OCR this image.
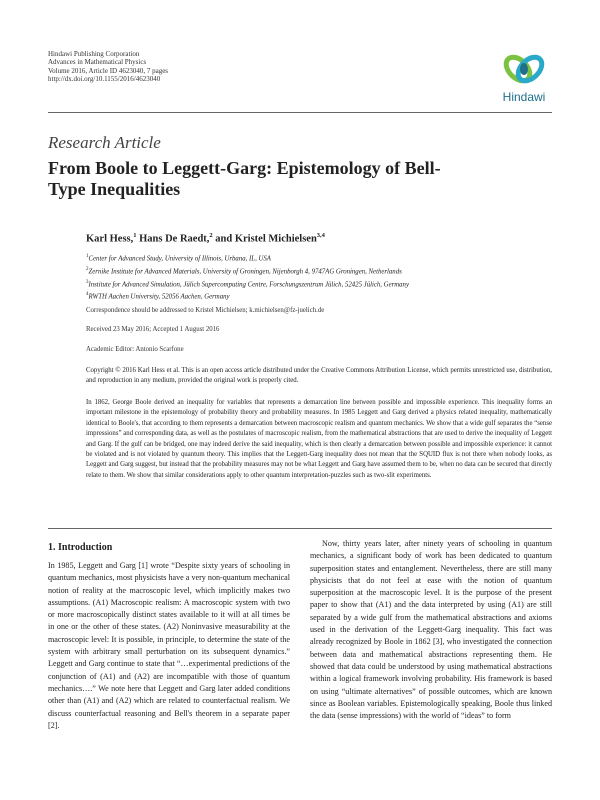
Hindawi Publishing Corporation
Advances in Mathematical Physics
Volume 2016, Article ID 4623040, 7 pages
http://dx.doi.org/10.1155/2016/4623040
Hindawi
Research Article
From Boole to Leggett-Garg: Epistemology of Bell-Type Inequalities
Karl Hess,$^1$ Hans De Raedt,$^2$ and Kristel Michielsen$^{3,4}$
$^1$Center for Advanced Study, University of Illinois, Urbana, IL, USA
$^2$Zernike Institute for Advanced Materials, University of Groningen, Nijenborgh 4, 9747AG Groningen, Netherlands
$^3$Institute for Advanced Simulation, Jülich Supercomputing Centre, Forschungszentrum Jülich, 52425 Jülich, Germany
$^4$RWTH Aachen University, 52056 Aachen, Germany
Correspondence should be addressed to Kristel Michielsen; k.michielsen@fz-juelich.de
Received 23 May 2016; Accepted 1 August 2016
Academic Editor: Antonio Scarfone
Copyright © 2016 Karl Hess et al. This is an open access article distributed under the Creative Commons Attribution License, which permits unrestricted use, distribution, and reproduction in any medium, provided the original work is properly cited.
In 1862, George Boole derived an inequality for variables that represents a demarcation line between possible and impossible experience. This inequality forms an important milestone in the epistemology of probability theory and probability measures. In 1985 Leggett and Garg derived a physics related inequality, mathematically identical to Boole's, that according to them represents a demarcation between macroscopic realism and quantum mechanics. We show that a wide gulf separates the “sense impressions” and corresponding data, as well as the postulates of macroscopic realism, from the mathematical abstractions that are used to derive the inequality of Leggett and Garg. If the gulf can be bridged, one may indeed derive the said inequality, which is then clearly a demarcation between possible and impossible experience: it cannot be violated and is not violated by quantum theory. This implies that the Leggett-Garg inequality does not mean that the SQUID flux is not there when nobody looks, as Leggett and Garg suggest, but instead that the probability measures may not be what Leggett and Garg have assumed them to be, when no data can be secured that directly relate to them. We show that similar considerations apply to other quantum interpretation-puzzles such as two-slit experiments.
1. Introduction

In 1985, Leggett and Garg [1] wrote “Despite sixty years of schooling in quantum mechanics, most physicists have a very non-quantum mechanical notion of reality at the macroscopic level, which implicitly makes two assumptions. (A1) Macroscopic realism: A macroscopic system with two or more macroscopically distinct states available to it will at all times be in one or the other of these states. (A2) Noninvasive measurability at the macroscopic level: It is possible, in principle, to determine the state of the system with arbitrary small perturbation on its subsequent dynamics.” Leggett and Garg continue to state that “…experimental predictions of the conjunction of (A1) and (A2) are incompatible with those of quantum mechanics….” We note here that Leggett and Garg later added conditions other than (A1) and (A2) which are related to counterfactual realism. We discuss counterfactual reasoning and Bell's theorem in a separate paper [2].

Now, thirty years later, after ninety years of schooling in quantum mechanics, a significant body of work has been dedicated to quantum superposition states and entanglement. Nevertheless, there are still many physicists that do not feel at ease with the notion of quantum superposition at the macroscopic level. It is the purpose of the present paper to show that (A1) and the data interpreted by using (A1) are still separated by a wide gulf from the mathematical abstractions and axioms used in the derivation of the Leggett-Garg inequality. This fact was already recognized by Boole in 1862 [3], who investigated the connection between data and mathematical abstractions representing them. He showed that data could be understood by using mathematical abstractions within a logical framework involving probability. His framework is based on using “ultimate alternatives” of possible outcomes, which are known since as Boolean variables. Epistemologically speaking, Boole thus linked the data (sense impressions) with the world of “ideas” to form
